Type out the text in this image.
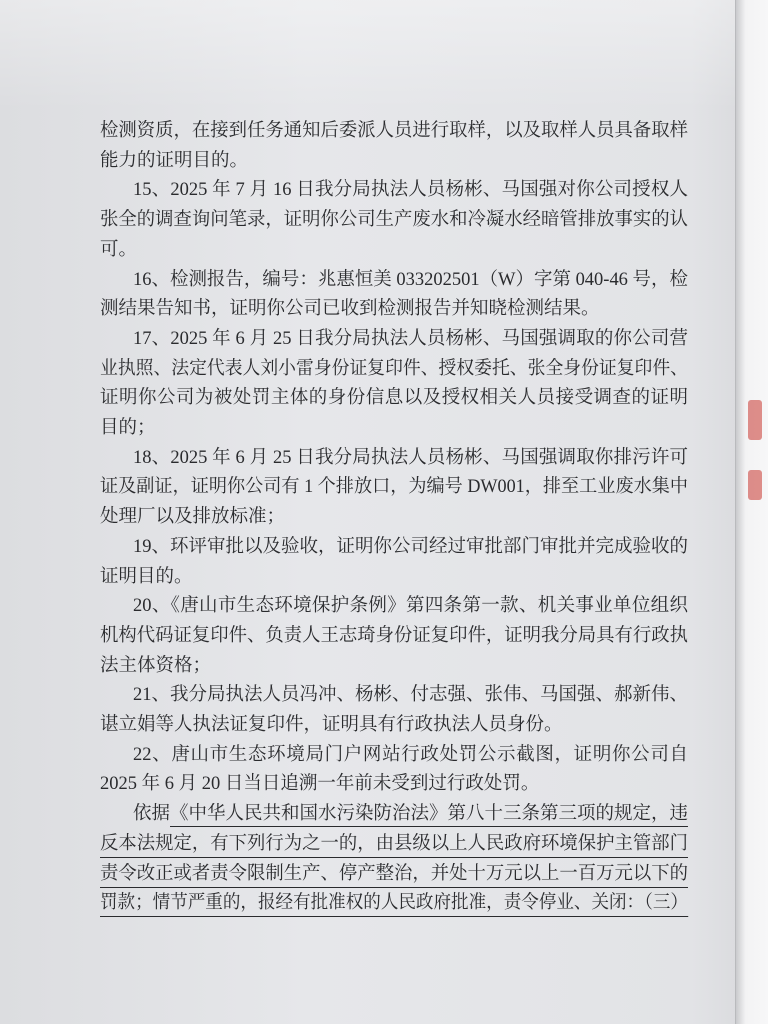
检测资质，在接到任务通知后委派人员进行取样，以及取样人员具备取样
能力的证明目的。
15、2025 年 7 月 16 日我分局执法人员杨彬、马国强对你公司授权人
张全的调查询问笔录，证明你公司生产废水和冷凝水经暗管排放事实的认
可。
16、检测报告，编号：兆惠恒美 033202501（W）字第 040-46 号，检
测结果告知书，证明你公司已收到检测报告并知晓检测结果。
17、2025 年 6 月 25 日我分局执法人员杨彬、马国强调取的你公司营
业执照、法定代表人刘小雷身份证复印件、授权委托、张全身份证复印件、
证明你公司为被处罚主体的身份信息以及授权相关人员接受调查的证明
目的；
18、2025 年 6 月 25 日我分局执法人员杨彬、马国强调取你排污许可
证及副证，证明你公司有 1 个排放口，为编号 DW001，排至工业废水集中
处理厂以及排放标准；
19、环评审批以及验收，证明你公司经过审批部门审批并完成验收的
证明目的。
20、《唐山市生态环境保护条例》第四条第一款、机关事业单位组织
机构代码证复印件、负责人王志琦身份证复印件，证明我分局具有行政执
法主体资格；
21、我分局执法人员冯冲、杨彬、付志强、张伟、马国强、郝新伟、
谌立娟等人执法证复印件，证明具有行政执法人员身份。
22、唐山市生态环境局门户网站行政处罚公示截图，证明你公司自
2025 年 6 月 20 日当日追溯一年前未受到过行政处罚。
依据 《中华人民共和国水污染防治法》第八十三条第三项的规定，违
反本法规定，有下列行为之一的，由县级以上人民政府环境保护主管部门
责令改正或者责令限制生产、停产整治，并处十万元以上一百万元以下的
罚款；情节严重的，报经有批准权的人民政府批准，责令停业、关闭：（三）
